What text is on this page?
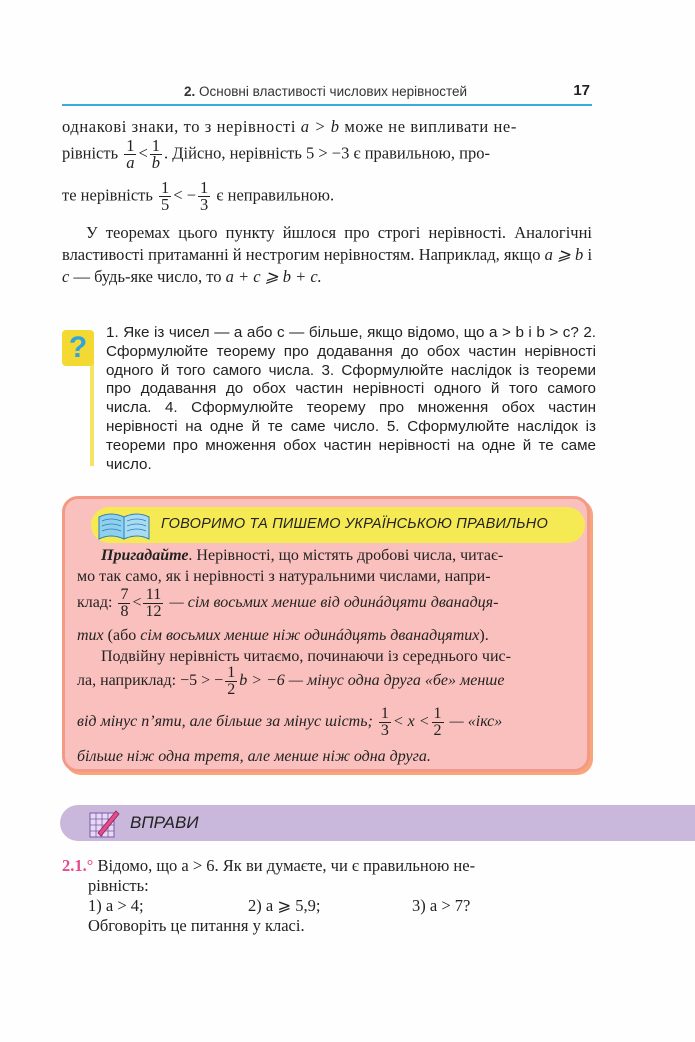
2. Основні властивості числових нерівностей	17
однакові знаки, то з нерівності a > b може не випливати не-
рівність $\frac{1}{a} < \frac{1}{b}$ . Дійсно, нерівність 5 > −3 є правильною, про-
те нерівність $\frac{1}{5}$ < − $\frac{1}{3}$ є неправильною.
У теоремах цього пункту йшлося про строгі нерівності. Аналогічні властивості притаманні й нестрогим нерівностям. Наприклад, якщо a ⩾ b і c — будь-яке число, то a + c ⩾ b + c.
?	1. Яке із чисел — a або c — більше, якщо відомо, що a > b і b > c? 2. Сформулюйте теорему про додавання до обох частин нерівності одного й того самого числа. 3. Сформулюйте наслідок із теореми про додавання до обох частин нерівності одного й того самого числа. 4. Сформулюйте теорему про множення обох частин нерівності на одне й те саме число. 5. Сформулюйте наслідок із теореми про множення обох частин нерівності на одне й те саме число.
ГОВОРИМО ТА ПИШЕМО УКРАЇНСЬКОЮ ПРАВИЛЬНО
Пригадайте. Нерівності, що містять дробові числа, читає-
мо так само, як і нерівності з натуральними числами, напри-
клад: $\frac{7}{8} < \frac{11}{12}$ — сім восьмих менше від одинáдцяти дванадця-
тих (або сім восьмих менше ніж одинáдцять дванадцятих).
Подвійну нерівність читаємо, починаючи із середнього чис-
ла, наприклад: −5 > − $\frac{1}{2}$ b > −6 — мінус одна друга «бе» менше
від мінус п’яти, але більше за мінус шість; $\frac{1}{3} < x < \frac{1}{2}$ — «ікс»
більше ніж одна третя, але менше ніж одна друга.
ВПРАВИ
2.1.° Відомо, що a > 6. Як ви думаєте, чи є правильною не-
рівність:
1) a > 4;	2) a ⩾ 5,9;	3) a > 7?
Обговоріть це питання у класі.
